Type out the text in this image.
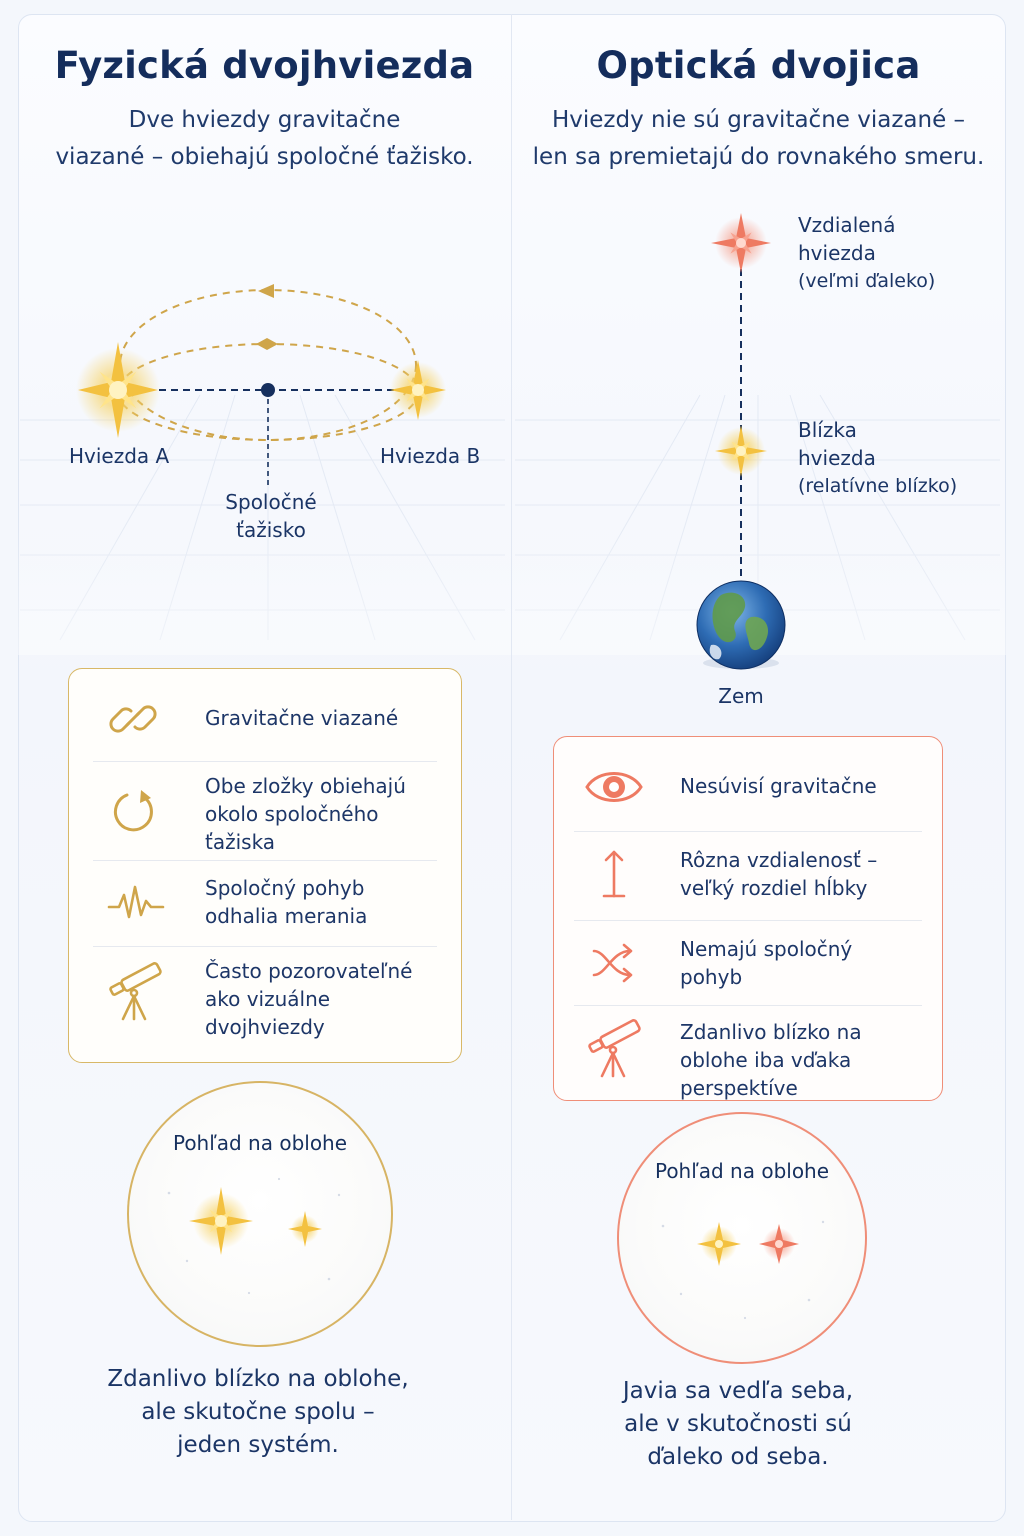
Fyzická dvojhviezda
Dve hviezdy gravitačne
viazané – obiehajú spoločné ťažisko.
Hviezda A	Hviezda B
Spoločné
ťažisko
Gravitačne viazané
Obe zložky obiehajú okolo spoločného ťažiska
Spoločný pohyb odhalia merania
Často pozorovateľné ako vizuálne dvojhviezdy
Pohľad na oblohe
Zdanlivo blízko na oblohe,
ale skutočne spolu –
jeden systém.
Optická dvojica
Hviezdy nie sú gravitačne viazané –
len sa premietajú do rovnakého smeru.
Vzdialená
hviezda
(veľmi ďaleko)
Blízka
hviezda
(relatívne blízko)
Zem
Nesúvisí gravitačne
Rôzna vzdialenosť – veľký rozdiel hĺbky
Nemajú spoločný pohyb
Zdanlivo blízko na oblohe iba vďaka perspektíve
Pohľad na oblohe
Javia sa vedľa seba,
ale v skutočnosti sú
ďaleko od seba.
